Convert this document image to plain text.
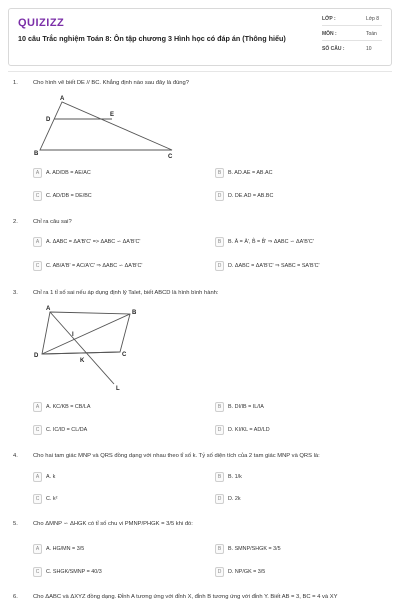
QUIZIZZ
10 câu Trắc nghiệm Toán 8: Ôn tập chương 3 Hình học có đáp án (Thông hiểu)
LỚP :	Lớp 8
MÔN :	Toán
SỐ CÂU :	10
1.	Cho hình vẽ biết DE // BC. Khẳng định nào sau đây là đúng?
A
D
E
B	C
A	A. AD/DB = AE/AC	B	B. AD.AE = AB.AC
C	C. AD/DB = DE/BC	D	D. DE.AD = AB.BC
2.	Chỉ ra câu sai?
A	A. ΔABC = ΔA'B'C' => ΔABC ∽ ΔA'B'C'	B	B. Â = Â', B̂ = B̂' ⇒ ΔABC ∽ ΔA'B'C'
C	C. AB/A'B' = AC/A'C' ⇒ ΔABC ∽ ΔA'B'C'	D	D. ΔABC = ΔA'B'C' ⇒ SABC = SA'B'C'
3.	Chỉ ra 1 tỉ số sai nếu áp dụng định lý Talet, biết ABCD là hình bình hành:
A
B
C
D
I
K
L
A	A. KC/KB = CB/LA	B	B. DI/IB = IL/IA
C	C. IC/ID = CL/DA	D	D. KI/KL = AD/LD
4.	Cho hai tam giác MNP và QRS đồng dạng với nhau theo tỉ số k. Tỷ số diện tích của 2 tam giác MNP và QRS là:
A	A. k	B	B. 1/k
C	C. k²	D	D. 2k
5.	Cho ΔMNP ∽ ΔHGK có tỉ số chu vi PMNP/PHGK = 3/5 khi đó:
A	A. HG/MN = 3/5	B	B. SMNP/SHGK = 3/5
C	C. SHGK/SMNP = 40/3	D	D. NP/GK = 3/5
6.	Cho ΔABC và ΔXYZ đồng dạng. Đỉnh A tương ứng với đỉnh X, đỉnh B tương ứng với đỉnh Y. Biết AB = 3, BC = 4 và XY
